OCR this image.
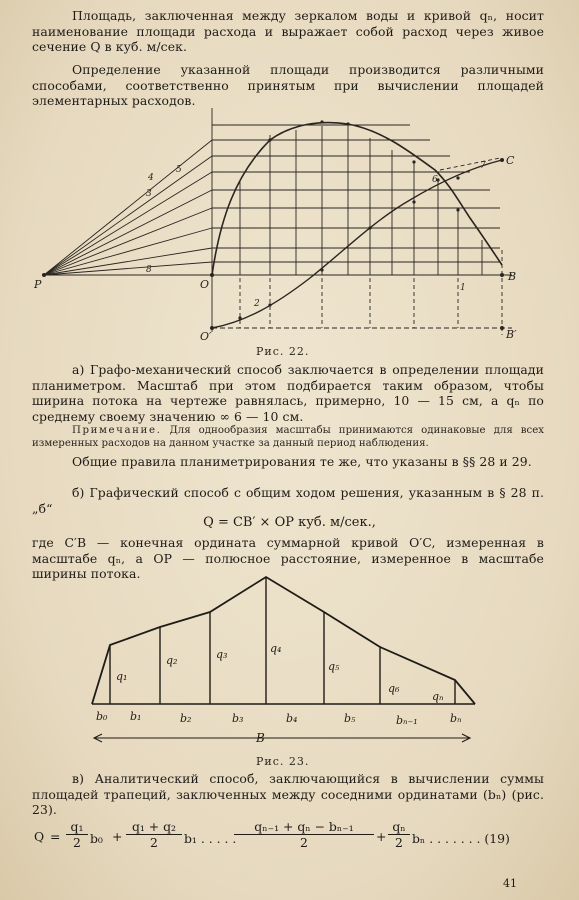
Площадь, заключенная между зеркалом воды и кривой qₙ, носит наименование площади расхода и выражает собой расход через живое сечение Q в куб. м/сек.
Определение указанной площади производится различными способами, соответственно принятым при вычислении площадей элементарных расходов.
P	O
O′
B
B′
C
1
2
3
4
5
6
7
8
Рис. 22.
а) Графо-механический способ заключается в определении площади планиметром. Масштаб при этом подбирается таким образом, чтобы ширина потока на чертеже равнялась, примерно, 10 — 15 см, а qₙ по среднему своему значению ∞ 6 — 10 см.
Примечание. Для однообразия масштабы принимаются одинаковые для всех измеренных расходов на данном участке за данный период наблюдения.
Общие правила планиметрирования те же, что указаны в §§ 28 и 29.
б) Графический способ с общим ходом решения, указанным в § 28 п. „б“
Q = CB′ × OP куб. м/сек.,
где C′B — конечная ордината суммарной кривой O′C, измеренная в масштабе qₙ, а OP — полюсное расстояние, измеренное в масштабе ширины потока.
q₁
q₂	q₃	q₄
q₅
q₆
qₙ
b₀ b₁	b₂	b₃	b₄	b₅	bₙ₋₁	bₙ
B
Рис. 23.
в) Аналитический способ, заключающийся в вычислении суммы площадей трапеций, заключенных между соседними ординатами (bₙ) (рис. 23).
$Q = \frac{\text{q₁}}{2} b_0 + \frac{\text{q₁ + q₂}}{2} b_1$ . . . . .
$\frac{\text{qₙ₋₁ + qₙ − bₙ₋₁}}{2} + \frac{\text{qₙ}}{2}$ bₙ . . . . . . . (19)
41
